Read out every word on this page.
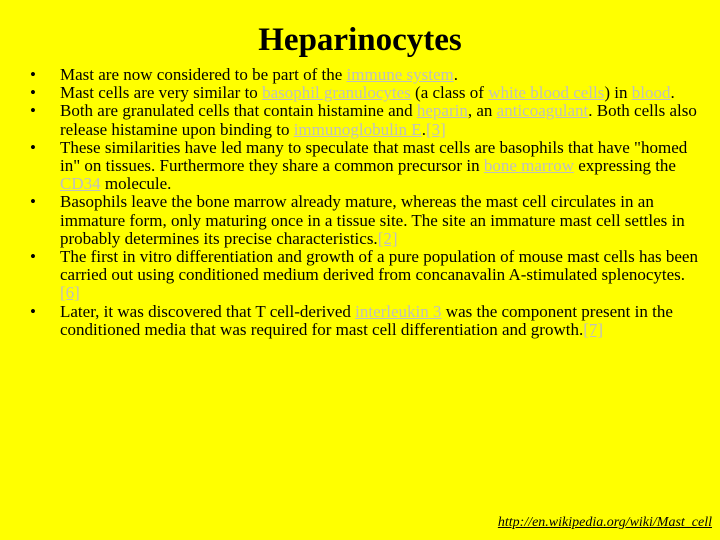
Heparinocytes
• Mast are now considered to be part of the immune system.
• Mast cells are very similar to basophil granulocytes (a class of white blood cells) in blood.
• Both are granulated cells that contain histamine and heparin, an anticoagulant. Both cells also release histamine upon binding to immunoglobulin E.[3]
• These similarities have led many to speculate that mast cells are basophils that have "homed in" on tissues. Furthermore they share a common precursor in bone marrow expressing the CD34 molecule.
• Basophils leave the bone marrow already mature, whereas the mast cell circulates in an immature form, only maturing once in a tissue site. The site an immature mast cell settles in probably determines its precise characteristics.[2]
• The first in vitro differentiation and growth of a pure population of mouse mast cells has been carried out using conditioned medium derived from concanavalin A-stimulated splenocytes.[6]
• Later, it was discovered that T cell-derived interleukin 3 was the component present in the conditioned media that was required for mast cell differentiation and growth.[7]
http://en.wikipedia.org/wiki/Mast_cell
